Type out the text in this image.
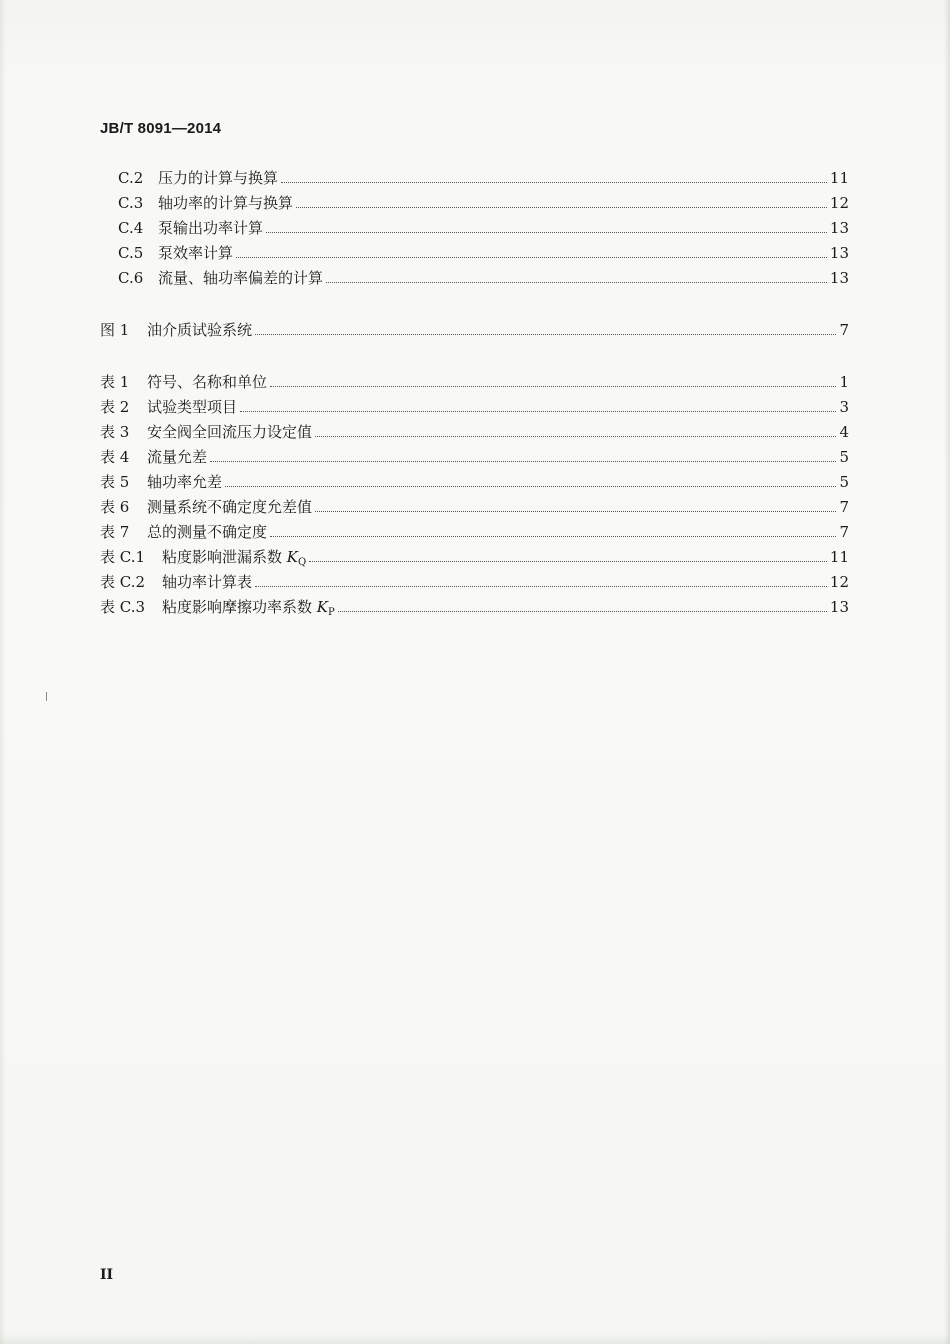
JB/T 8091—2014
C.2 压力的计算与换算	11
C.3 轴功率的计算与换算	12
C.4 泵输出功率计算	13
C.5 泵效率计算	13
C.6 流量、轴功率偏差的计算	13
图 1	油介质试验系统	7
表 1	符号、名称和单位	1
表 2	试验类型项目	3
表 3	安全阀全回流压力设定值	4
表 4	流量允差	5
表 5	轴功率允差	5
表 6	测量系统不确定度允差值	7
表 7	总的测量不确定度	7
表 C.1	粘度影响泄漏系数 $K_Q$	11
表 C.2	轴功率计算表	12
表 C.3	粘度影响摩擦功率系数 $K_P$	13
II
